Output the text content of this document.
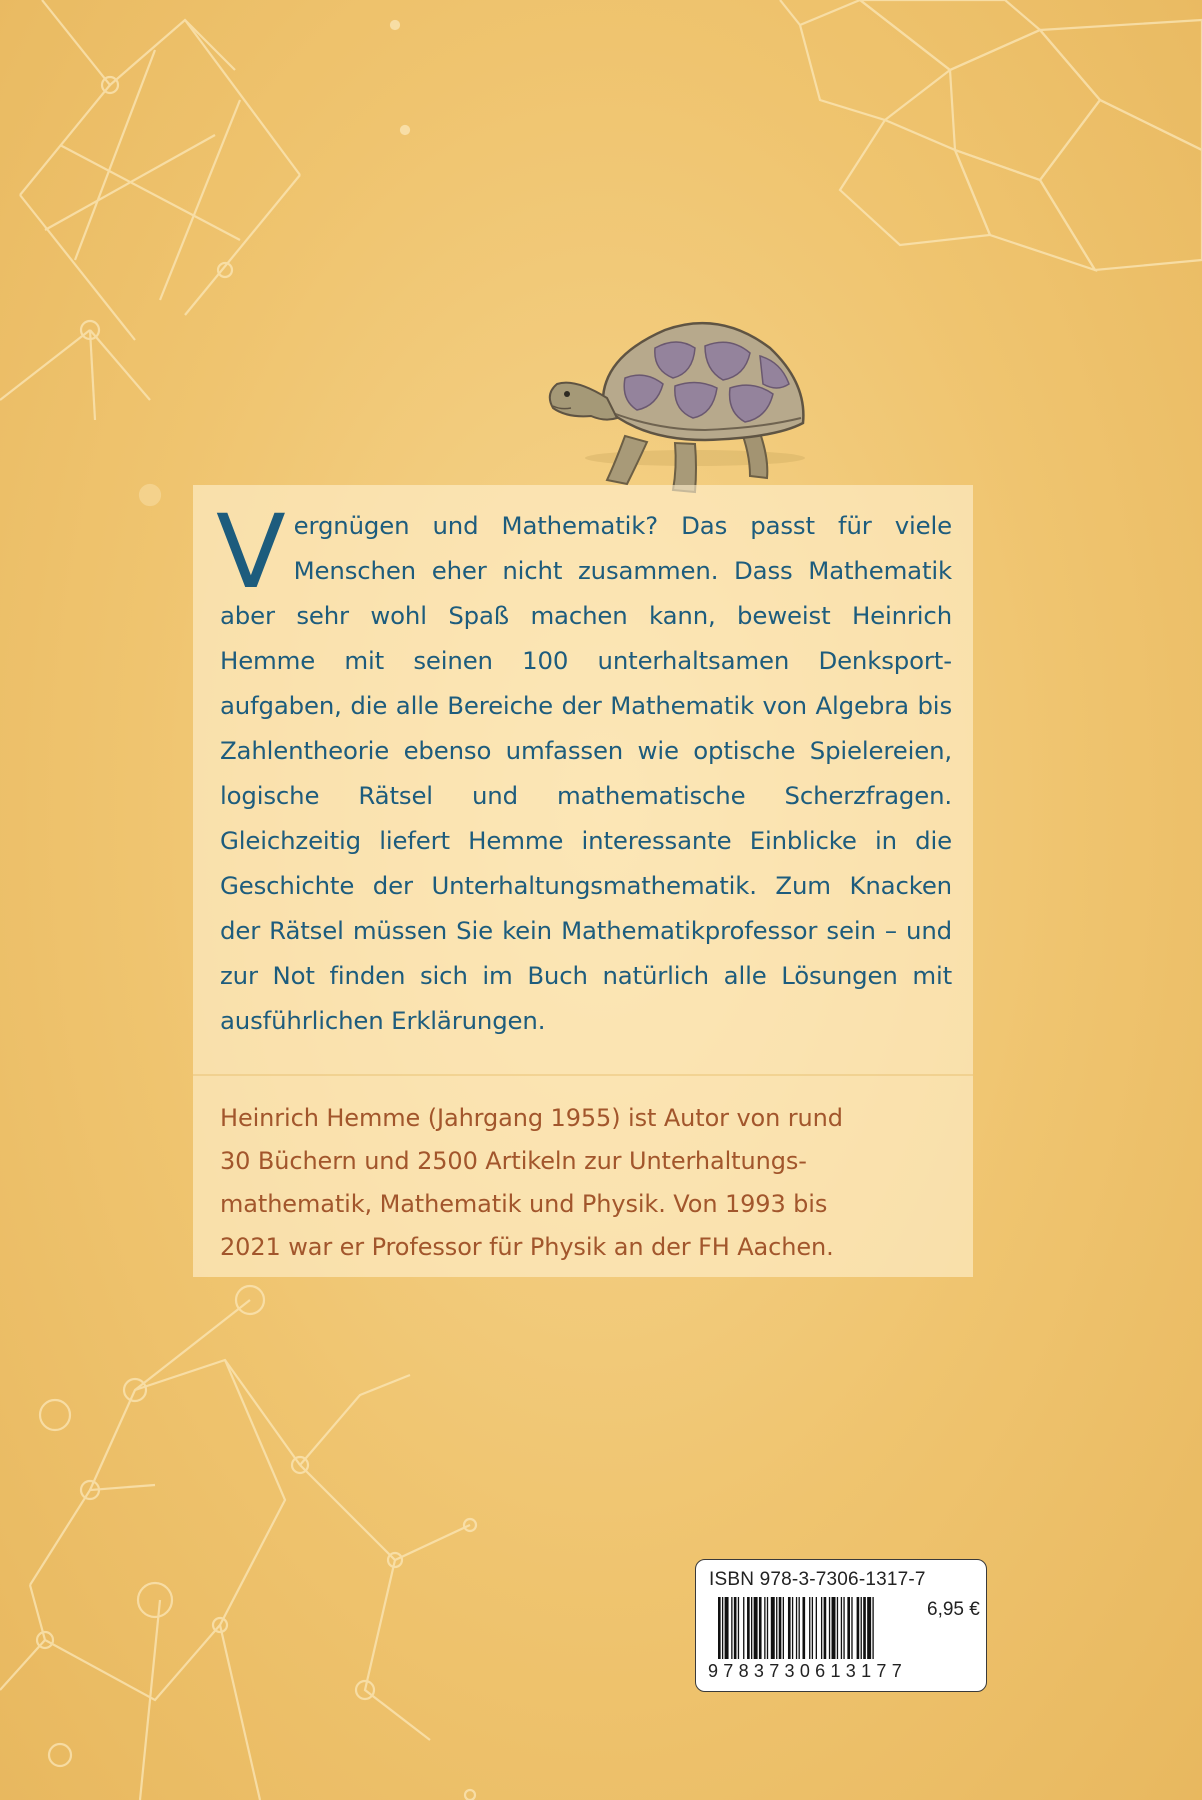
Vergnügen und Mathematik? Das passt für viele Menschen eher nicht zusammen. Dass Mathematik aber sehr wohl Spaß machen kann, beweist Heinrich Hemme mit seinen 100 unterhaltsamen Denksportaufgaben, die alle Bereiche der Mathematik von Algebra bis Zahlentheorie ebenso umfassen wie optische Spielereien, logische Rätsel und mathematische Scherzfragen. Gleichzeitig liefert Hemme interessante Einblicke in die Geschichte der Unterhaltungsmathematik. Zum Knacken der Rätsel müssen Sie kein Mathematikprofessor sein – und zur Not finden sich im Buch natürlich alle Lösungen mit ausführlichen Erklärungen.

Heinrich Hemme (Jahrgang 1955) ist Autor von rund
30 Büchern und 2500 Artikeln zur Unterhaltungs-
mathematik, Mathematik und Physik. Von 1993 bis
2021 war er Professor für Physik an der FH Aachen.

ISBN 978-3-7306-1317-7

9783730613177

6,95 €
